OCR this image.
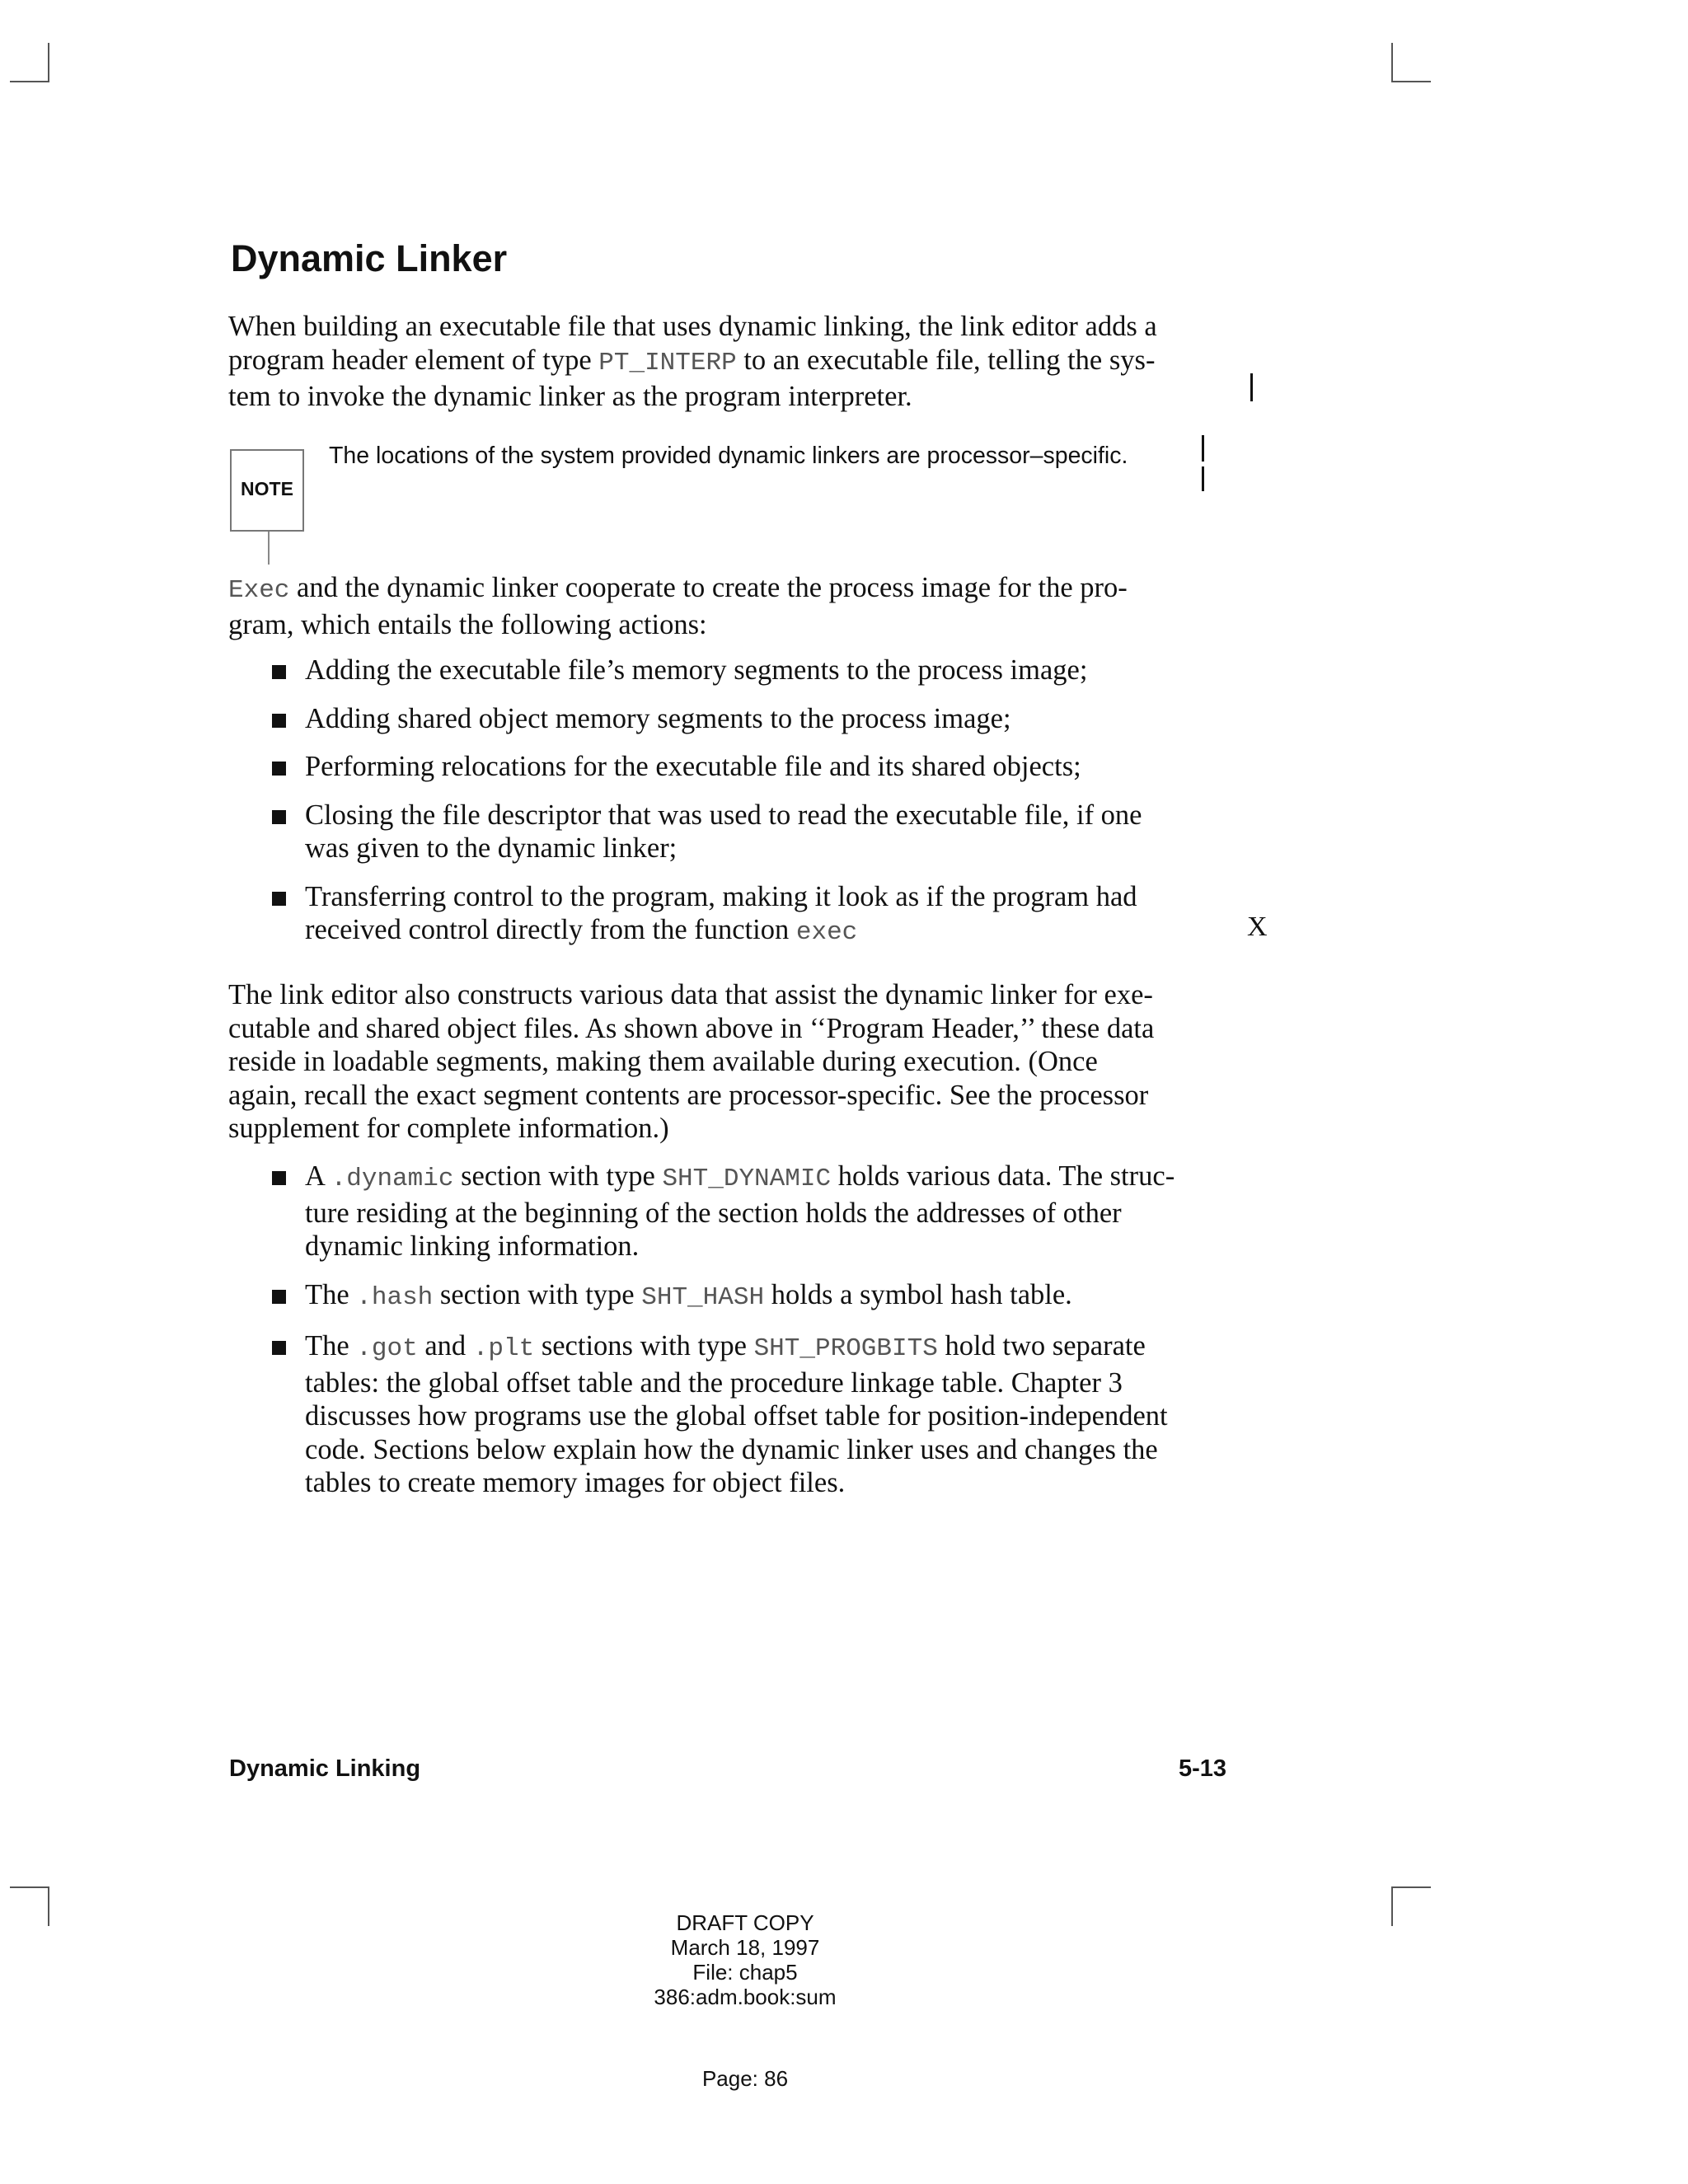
Dynamic Linker

When building an executable file that uses dynamic linking, the link editor adds a
program header element of type PT_INTERP to an executable file, telling the sys-
tem to invoke the dynamic linker as the program interpreter.

NOTE
The locations of the system provided dynamic linkers are processor–specific.

Exec and the dynamic linker cooperate to create the process image for the pro-
gram, which entails the following actions:

Adding the executable file’s memory segments to the process image;
Adding shared object memory segments to the process image;
Performing relocations for the executable file and its shared objects;
Closing the file descriptor that was used to read the executable file, if one
was given to the dynamic linker;
Transferring control to the program, making it look as if the program had
received control directly from the function exec	X

The link editor also constructs various data that assist the dynamic linker for exe-
cutable and shared object files. As shown above in ‘‘Program Header,’’ these data
reside in loadable segments, making them available during execution. (Once
again, recall the exact segment contents are processor-specific. See the processor
supplement for complete information.)

A .dynamic section with type SHT_DYNAMIC holds various data. The struc-
ture residing at the beginning of the section holds the addresses of other
dynamic linking information.
The .hash section with type SHT_HASH holds a symbol hash table.
The .got and .plt sections with type SHT_PROGBITS hold two separate
tables: the global offset table and the procedure linkage table. Chapter 3
discusses how programs use the global offset table for position-independent
code. Sections below explain how the dynamic linker uses and changes the
tables to create memory images for object files.
Dynamic Linking	5-13
DRAFT COPY
March 18, 1997
File: chap5
386:adm.book:sum
Page: 86
